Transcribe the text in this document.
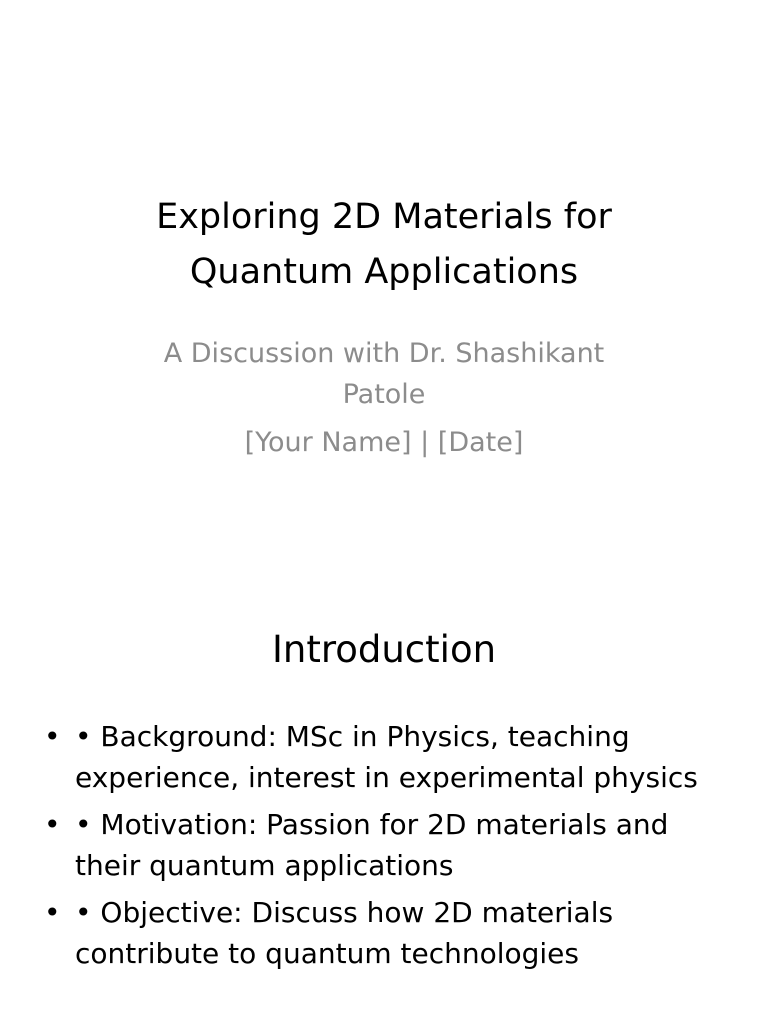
Exploring 2D Materials for
Quantum Applications
A Discussion with Dr. Shashikant
Patole
[Your Name] | [Date]
Introduction
• • Background: MSc in Physics, teaching
experience, interest in experimental physics
• • Motivation: Passion for 2D materials and
their quantum applications
• • Objective: Discuss how 2D materials
contribute to quantum technologies
